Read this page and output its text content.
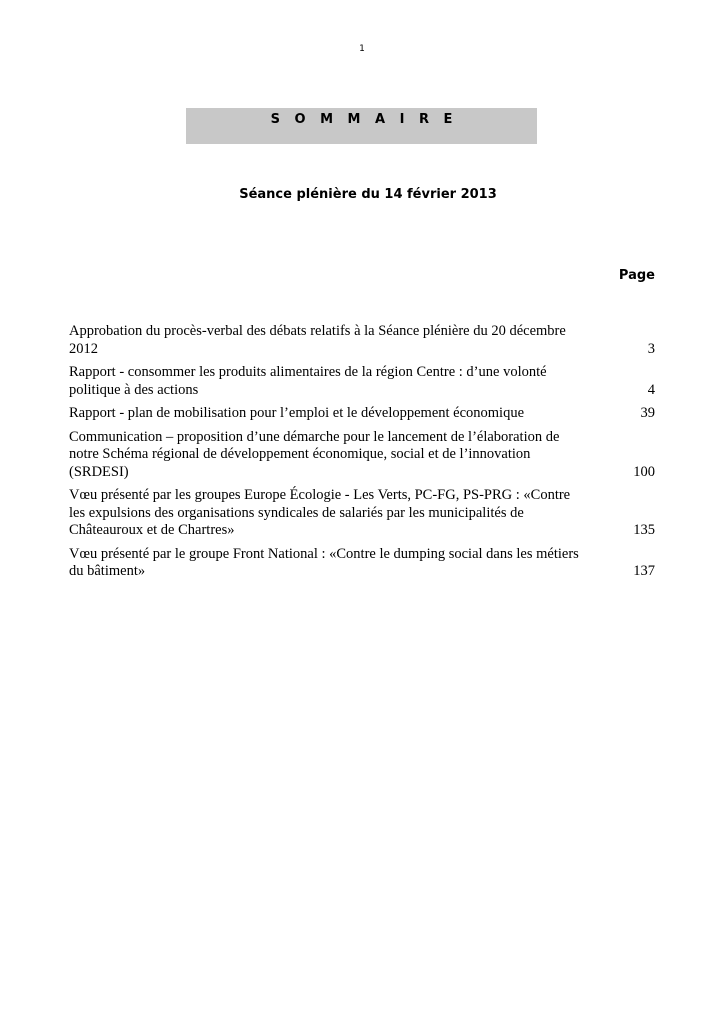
1
S O M M A I R E
Séance plénière du 14 février 2013
Page
Approbation du procès-verbal des débats relatifs à la Séance plénière du 20 décembre 2012	3
Rapport - consommer les produits alimentaires de la région Centre : d’une volonté politique à des actions	4
Rapport - plan de mobilisation pour l’emploi et le développement économique	39
Communication – proposition d’une démarche pour le lancement de l’élaboration de notre Schéma régional de développement économique, social et de l’innovation (SRDESI)	100
Vœu présenté par les groupes Europe Écologie - Les Verts, PC-FG, PS-PRG : «Contre les expulsions des organisations syndicales de salariés par les municipalités de Châteauroux et de Chartres»	135
Vœu présenté par le groupe Front National : «Contre le dumping social dans les métiers du bâtiment»	137
